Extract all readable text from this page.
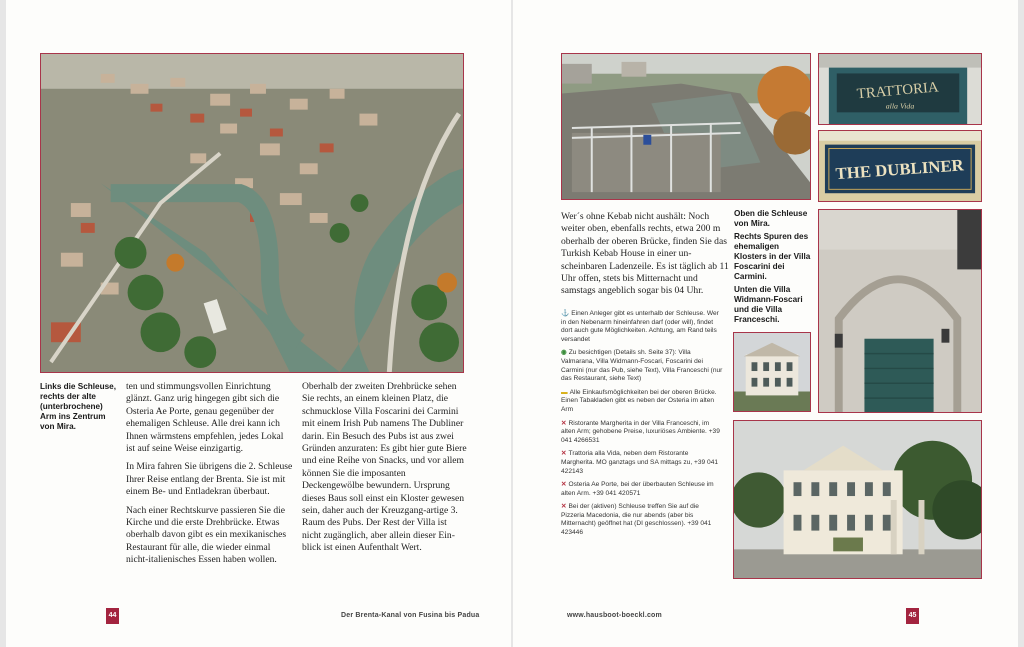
Links die Schleuse, rechts der alte (unterbrochene) Arm ins Zentrum von Mira.

ten und stimmungsvollen Einrichtung glänzt. Ganz urig hingegen gibt sich die Osteria Ae Porte, genau gegenüber der ehemaligen Schleuse. Alle drei kann ich Ihnen wärmstens empfehlen, jedes Lokal ist auf seine Weise einzigartig.

In Mira fahren Sie übrigens die 2. Schleuse Ihrer Reise entlang der Brenta. Sie ist mit einem Be- und Entladekran überbaut.

Nach einer Rechtskurve passieren Sie die Kirche und die erste Drehbrücke. Etwas oberhalb davon gibt es ein mexikanisches Restaurant für alle, die wieder einmal nicht-italienisches Essen haben wollen.

Oberhalb der zweiten Drehbrücke sehen Sie rechts, an einem kleinen Platz, die schmucklose Villa Foscarini dei Carmini mit einem Irish Pub namens The Dubliner darin. Ein Besuch des Pubs ist aus zwei Gründen anzuraten: Es gibt hier gute Biere und eine Reihe von Snacks, und vor allem können Sie die imposanten Deckengewölbe bewundern. Ursprung dieses Baus soll einst ein Kloster gewesen sein, daher auch der Kreuzgang-artige 3. Raum des Pubs. Der Rest der Villa ist nicht zugänglich, aber allein dieser Einblick ist einen Aufenthalt Wert.

44	Der Brenta-Kanal von Fusina bis Padua
TRATTORIA
alla Vida
THE DUBLINER

Wer´s ohne Kebab nicht aushält: Noch weiter oben, ebenfalls rechts, etwa 200 m oberhalb der oberen Brücke, finden Sie das Turkish Kebab House in einer unscheinbaren Ladenzeile. Es ist täglich ab 11 Uhr offen, stets bis Mitternacht und samstags angeblich sogar bis 04 Uhr.

Oben die Schleuse von Mira.

Rechts Spuren des ehemaligen Klosters in der Villa Foscarini dei Carmini.

Unten die Villa Widmann-Foscari und die Villa Franceschi.

⚓ Einen Anleger gibt es unterhalb der Schleuse. Wer in den Nebenarm hineinfahren darf (oder will), findet dort auch gute Möglichkeiten. Achtung, am Rand teils versandet
◉ Zu besichtigen (Details sh. Seite 37): Villa Valmarana, Villa Widmann-Foscari, Foscarini dei Carmini (nur das Pub, siehe Text), Villa Franceschi (nur das Restaurant, siehe Text)
▬ Alle Einkaufsmöglichkeiten bei der oberen Brücke. Einen Tabakladen gibt es neben der Osteria im alten Arm
✕ Ristorante Margherita in der Villa Franceschi, im alten Arm; gehobene Preise, luxuriöses Ambiente. +39 041 4266531
✕ Trattoria alla Vida, neben dem Ristorante Margherita. MO ganztags und SA mittags zu, +39 041 422143
✕ Osteria Ae Porte, bei der überbauten Schleuse im alten Arm. +39 041 420571
✕ Bei der (aktiven) Schleuse treffen Sie auf die Pizzeria Macedonia, die nur abends (aber bis Mitternacht) geöffnet hat (DI geschlossen). +39 041 423446
www.hausboot-boeckl.com	45
